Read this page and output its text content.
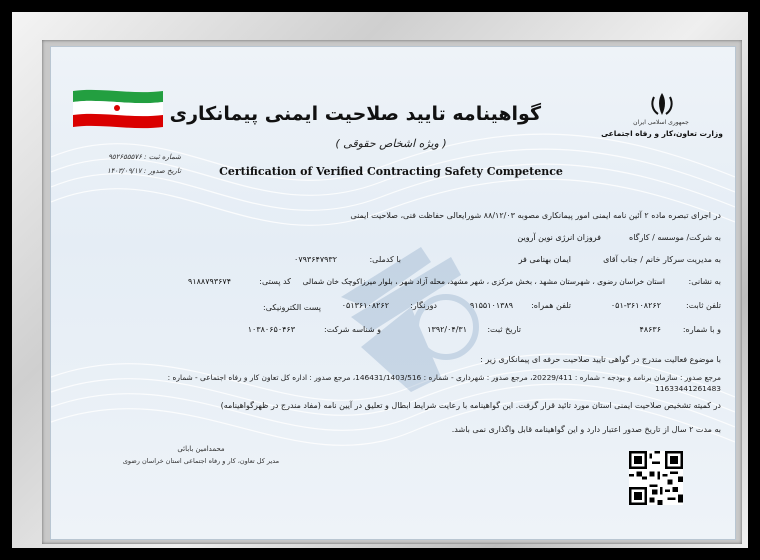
جمهوری اسلامی ایران
وزارت تعاون،کار و رفاه اجتماعی
گواهینامه تایید صلاحیت ایمنی پیمانکاری
( ویژه اشخاص حقوقی )
Certification of Verified Contracting Safety Competence
شماره ثبت : ۹۵۲۶۵۵۵۷۶
تاریخ صدور : ۱۴۰۳/۰۹/۱۷
در اجرای تبصره ماده ۲ آئین نامه ایمنی امور پیمانکاری مصوبه ۸۸/۱۲/۰۳ شورایعالی حفاظت فنی، صلاحیت ایمنی
به شرکت/ موسسه / کارگاه
فروزان انرژی نوین آروین
به مدیریت سرکار خانم / جناب آقای
ایمان بهنامی فر
با کدملی:
۰۷۹۳۶۴۷۹۳۲
به نشانی:
استان خراسان رضوی ، شهرستان مشهد ، بخش مرکزی ، شهر مشهد، محله آزاد شهر ، بلوار میرزاکوچک خان شمالی
کد پستی:
۹۱۸۸۷۹۳۶۷۴
تلفن ثابت:
۰۵۱-۳۶۱۰۸۲۶۲
تلفن همراه:
۹۱۵۵۱۰۱۳۸۹
دورنگار:
۰۵۱۳۶۱۰۸۲۶۲
پست الکترونیکی:
و با شماره:
۴۸۶۳۶
تاریخ ثبت:
۱۳۹۲/۰۴/۳۱
و شناسه شرکت:
۱۰۳۸۰۶۵۰۴۶۳
با موضوع فعالیت مندرج در گواهی تایید صلاحیت حرفه ای پیمانکاری زیر :
مرجع صدور : سازمان برنامه و بودجه - شماره : 20229/411، مرجع صدور : شهرداری - شماره : 146431/1403/516، مرجع صدور : اداره کل تعاون کار و رفاه اجتماعی - شماره :
11633441261483
در کمیته تشخیص صلاحیت ایمنی استان مورد تائید قرار گرفت. این گواهینامه با رعایت شرایط ابطال و تعلیق در آیین نامه (مفاد مندرج در ظهرگواهینامه)
به مدت ۲ سال از تاریخ صدور اعتبار دارد و این گواهینامه قابل واگذاری نمی باشد.
محمدامین بابائی
مدیر کل تعاون، کار و رفاه اجتماعی استان خراسان رضوی
